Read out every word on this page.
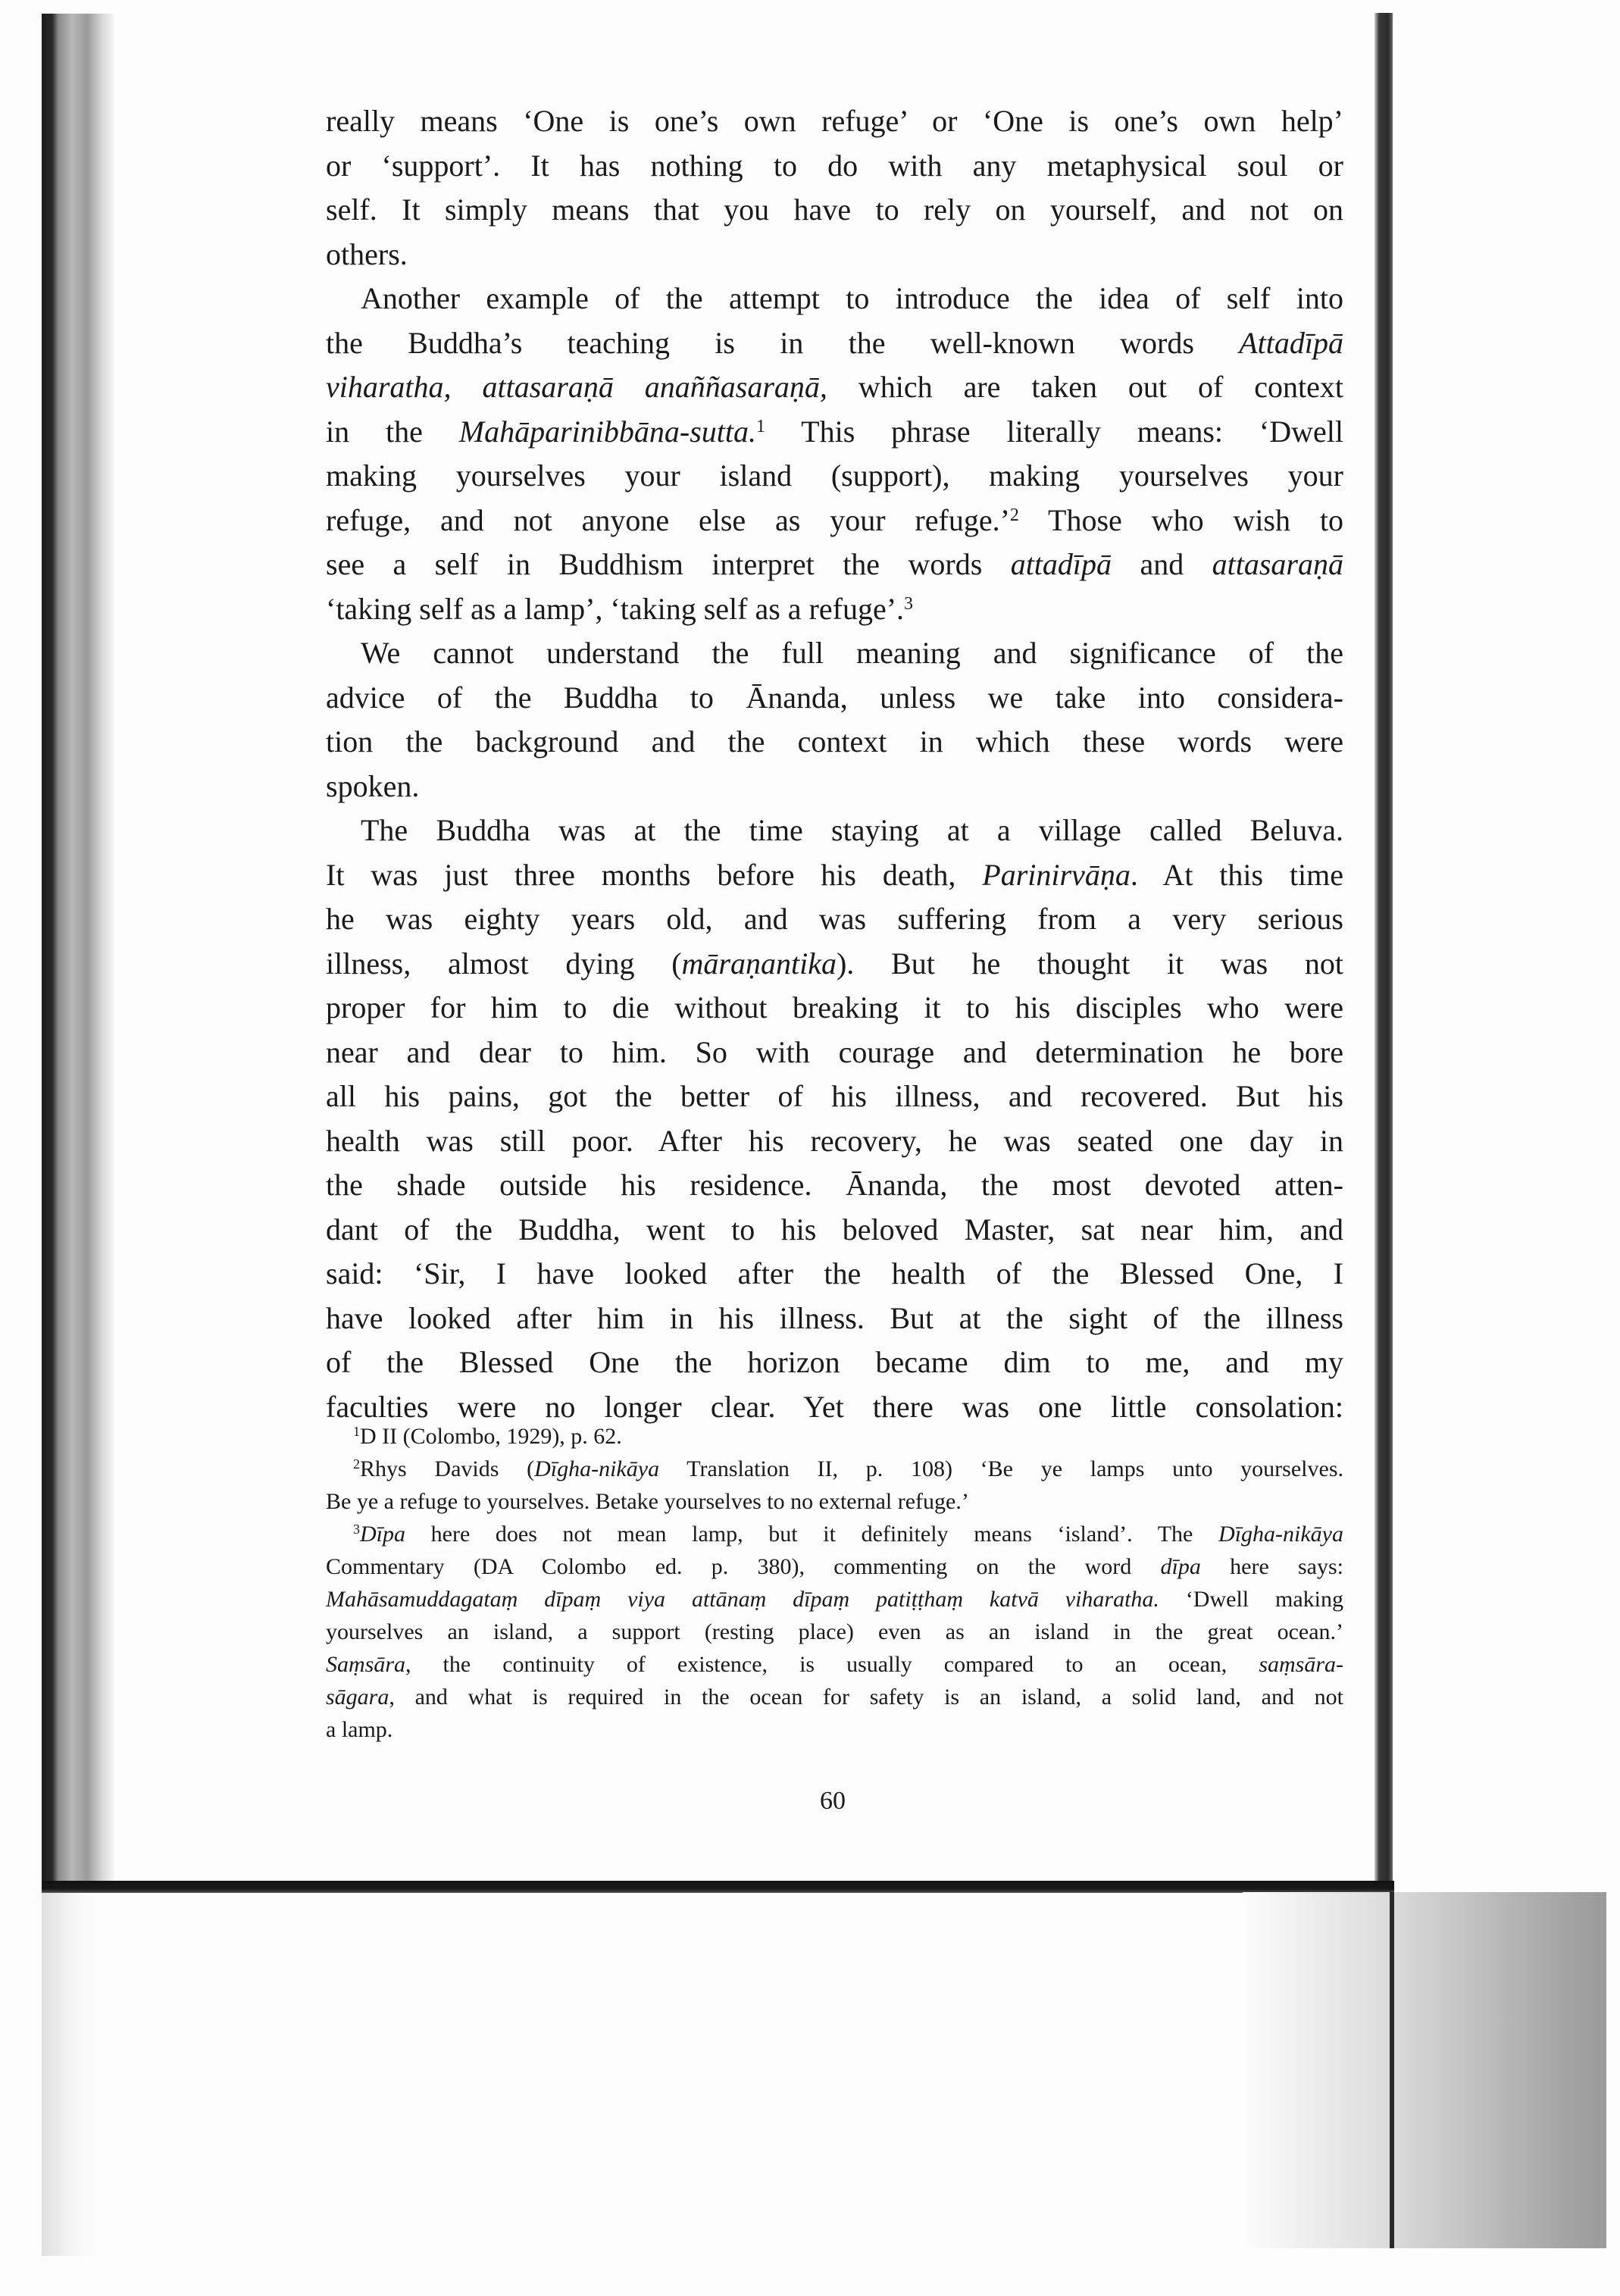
really means ‘One is one’s own refuge’ or ‘One is one’s own help’
or ‘support’. It has nothing to do with any metaphysical soul or
self. It simply means that you have to rely on yourself, and not on
others.
Another example of the attempt to introduce the idea of self into
the Buddha’s teaching is in the well-known words Attadīpā
viharatha, attasaraṇā anaññasaraṇā, which are taken out of context
in the Mahāparinibbāna-sutta.$^1$ This phrase literally means: ‘Dwell
making yourselves your island (support), making yourselves your
refuge, and not anyone else as your refuge.’$^2$ Those who wish to
see a self in Buddhism interpret the words attadīpā and attasaraṇā
‘taking self as a lamp’, ‘taking self as a refuge’.$^3$
We cannot understand the full meaning and significance of the
advice of the Buddha to Ānanda, unless we take into considera-
tion the background and the context in which these words were
spoken.
The Buddha was at the time staying at a village called Beluva.
It was just three months before his death, Parinirvāṇa. At this time
he was eighty years old, and was suffering from a very serious
illness, almost dying (māraṇantika). But he thought it was not
proper for him to die without breaking it to his disciples who were
near and dear to him. So with courage and determination he bore
all his pains, got the better of his illness, and recovered. But his
health was still poor. After his recovery, he was seated one day in
the shade outside his residence. Ānanda, the most devoted atten-
dant of the Buddha, went to his beloved Master, sat near him, and
said: ‘Sir, I have looked after the health of the Blessed One, I
have looked after him in his illness. But at the sight of the illness
of the Blessed One the horizon became dim to me, and my
faculties were no longer clear. Yet there was one little consolation:
$^1$D II (Colombo, 1929), p. 62.
$^2$Rhys Davids (Dīgha-nikāya Translation II, p. 108) ‘Be ye lamps unto yourselves.
Be ye a refuge to yourselves. Betake yourselves to no external refuge.’
$^3$Dīpa here does not mean lamp, but it definitely means ‘island’. The Dīgha-nikāya
Commentary (DA Colombo ed. p. 380), commenting on the word dīpa here says:
Mahāsamuddagataṃ dīpaṃ viya attānaṃ dīpaṃ patiṭṭhaṃ katvā viharatha. ‘Dwell making
yourselves an island, a support (resting place) even as an island in the great ocean.’
Saṃsāra, the continuity of existence, is usually compared to an ocean, saṃsāra-
sāgara, and what is required in the ocean for safety is an island, a solid land, and not
a lamp.
60
